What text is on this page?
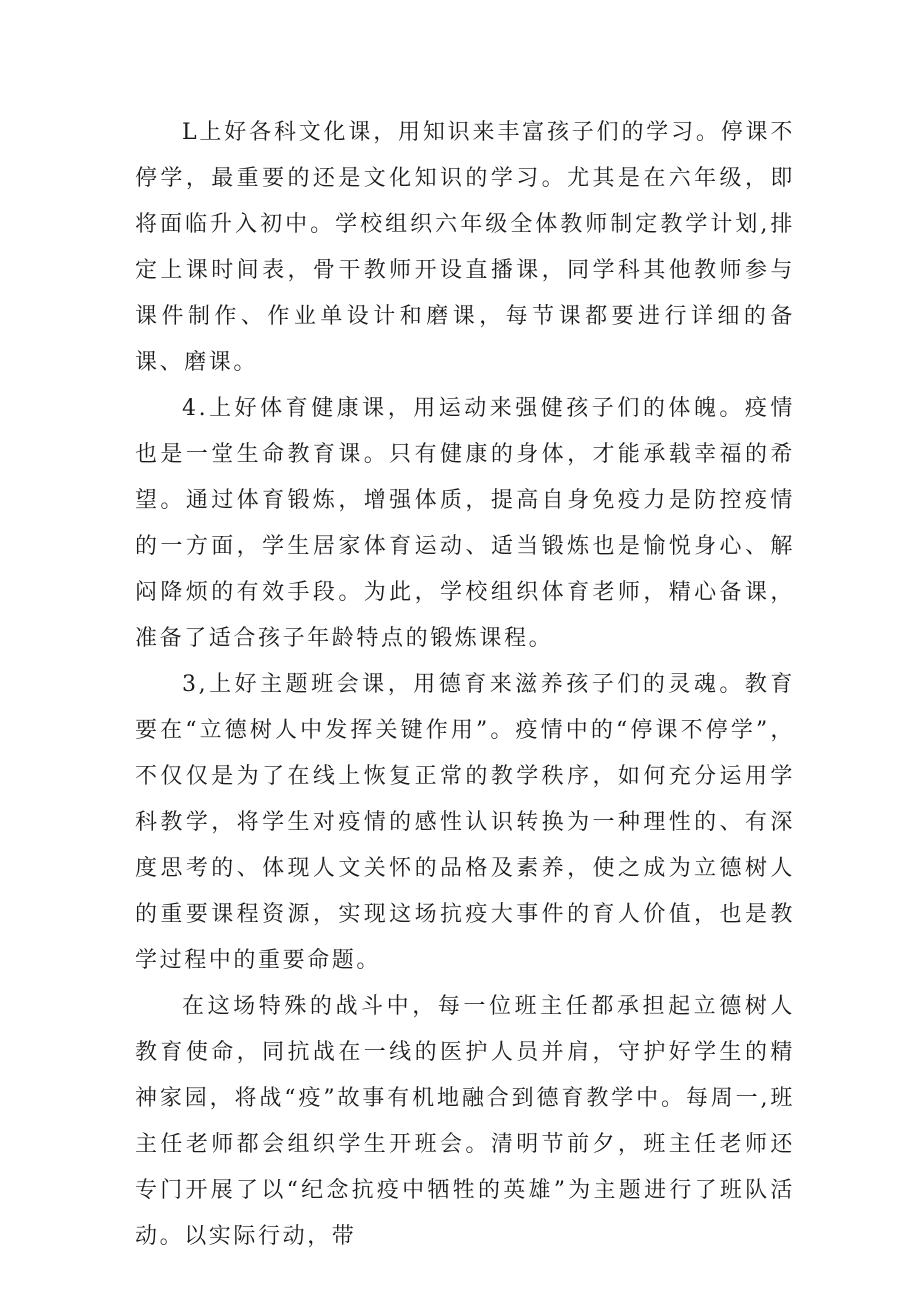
L上好各科文化课，用知识来丰富孩子们的学习。停课不停学，最重要的还是文化知识的学习。尤其是在六年级，即将面临升入初中。学校组织六年级全体教师制定教学计划,排定上课时间表，骨干教师开设直播课，同学科其他教师参与课件制作、作业单设计和磨课，每节课都要进行详细的备课、磨课。

4.上好体育健康课，用运动来强健孩子们的体魄。疫情也是一堂生命教育课。只有健康的身体，才能承载幸福的希望。通过体育锻炼，增强体质，提高自身免疫力是防控疫情的一方面，学生居家体育运动、适当锻炼也是愉悦身心、解闷降烦的有效手段。为此，学校组织体育老师，精心备课，准备了适合孩子年龄特点的锻炼课程。

3,上好主题班会课，用德育来滋养孩子们的灵魂。教育要在“立德树人中发挥关键作用”。疫情中的“停课不停学”，不仅仅是为了在线上恢复正常的教学秩序，如何充分运用学科教学，将学生对疫情的感性认识转换为一种理性的、有深度思考的、体现人文关怀的品格及素养，使之成为立德树人的重要课程资源，实现这场抗疫大事件的育人价值，也是教学过程中的重要命题。

在这场特殊的战斗中，每一位班主任都承担起立德树人教育使命，同抗战在一线的医护人员并肩，守护好学生的精神家园，将战“疫”故事有机地融合到德育教学中。每周一,班主任老师都会组织学生开班会。清明节前夕，班主任老师还专门开展了以“纪念抗疫中牺牲的英雄”为主题进行了班队活动。以实际行动，带
